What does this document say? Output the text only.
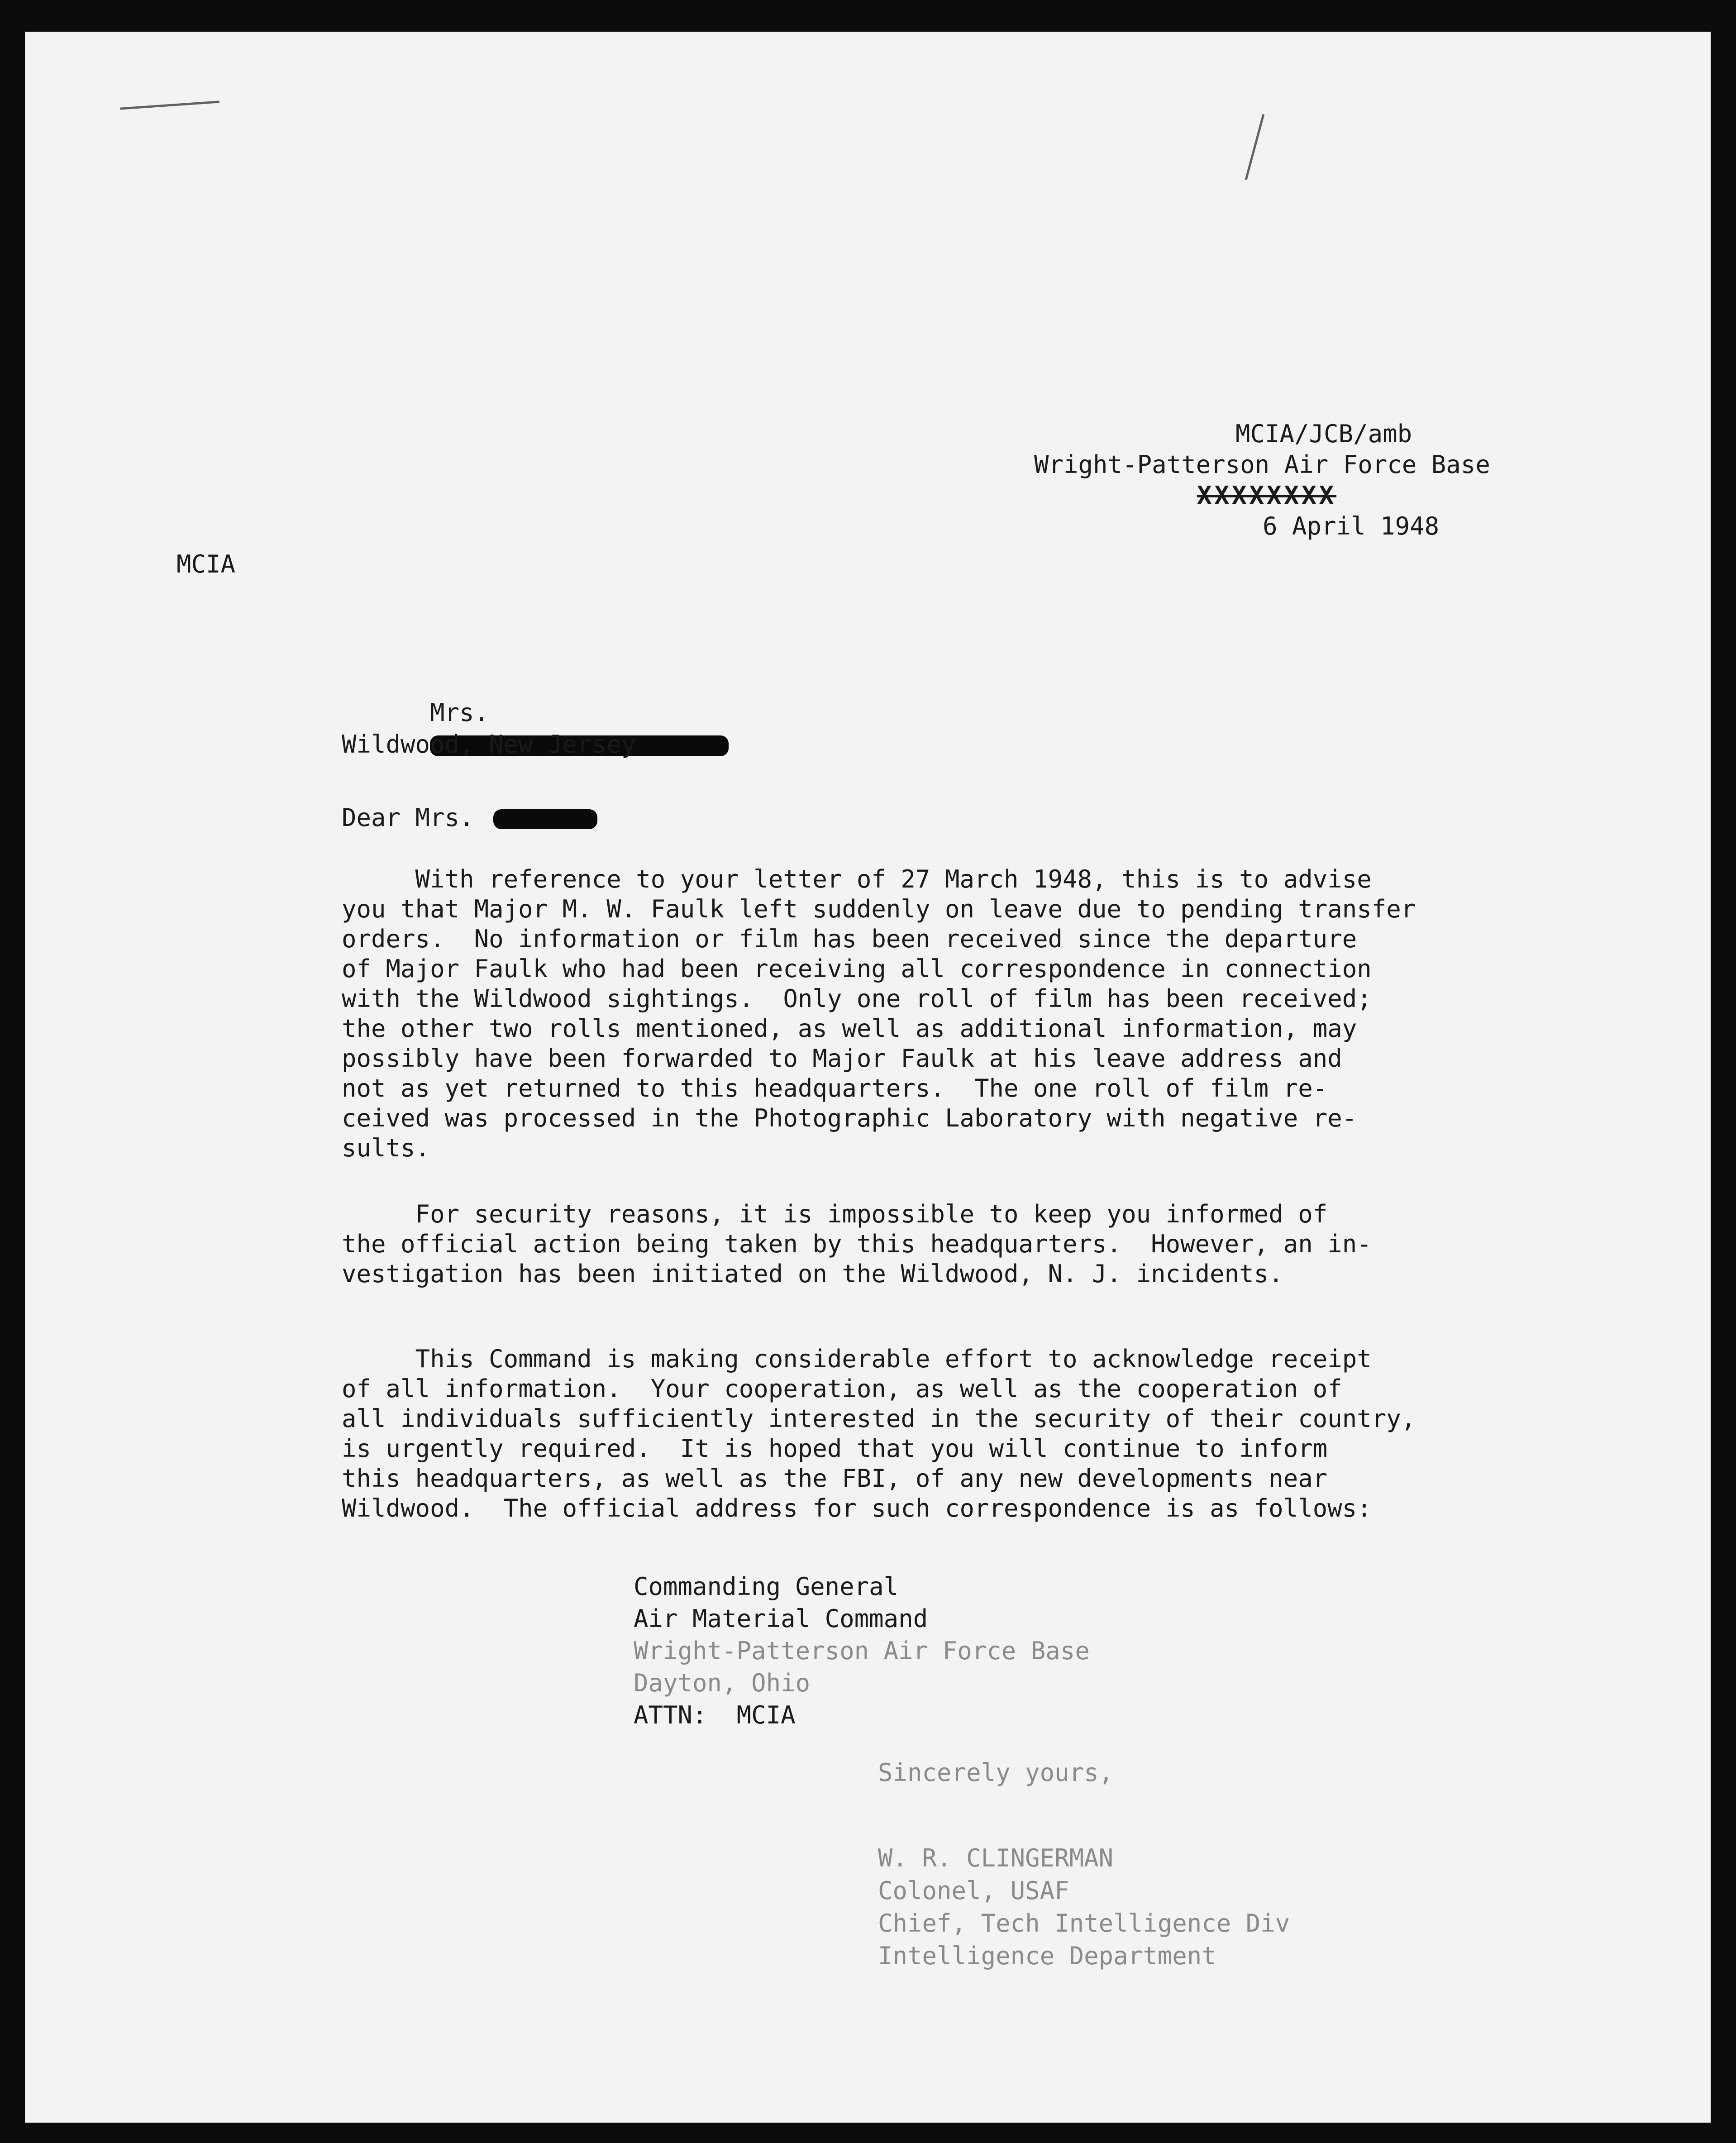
MCIA/JCB/amb
Wright-Patterson Air Force Base
XXXXXXXX
6 April 1948
MCIA

Mrs.

Wildwood, New Jersey
Dear Mrs.
With reference to your letter of 27 March 1948, this is to advise
you that Major M. W. Faulk left suddenly on leave due to pending transfer
orders.  No information or film has been received since the departure
of Major Faulk who had been receiving all correspondence in connection
with the Wildwood sightings.  Only one roll of film has been received;
the other two rolls mentioned, as well as additional information, may
possibly have been forwarded to Major Faulk at his leave address and
not as yet returned to this headquarters.  The one roll of film re-
ceived was processed in the Photographic Laboratory with negative re-
sults.
For security reasons, it is impossible to keep you informed of
the official action being taken by this headquarters.  However, an in-
vestigation has been initiated on the Wildwood, N. J. incidents.
This Command is making considerable effort to acknowledge receipt
of all information.  Your cooperation, as well as the cooperation of
all individuals sufficiently interested in the security of their country,
is urgently required.  It is hoped that you will continue to inform
this headquarters, as well as the FBI, of any new developments near
Wildwood.  The official address for such correspondence is as follows:
Commanding General
Air Material Command
Wright-Patterson Air Force Base
Dayton, Ohio
ATTN:  MCIA
Sincerely yours,
W. R. CLINGERMAN
Colonel, USAF
Chief, Tech Intelligence Div
Intelligence Department
